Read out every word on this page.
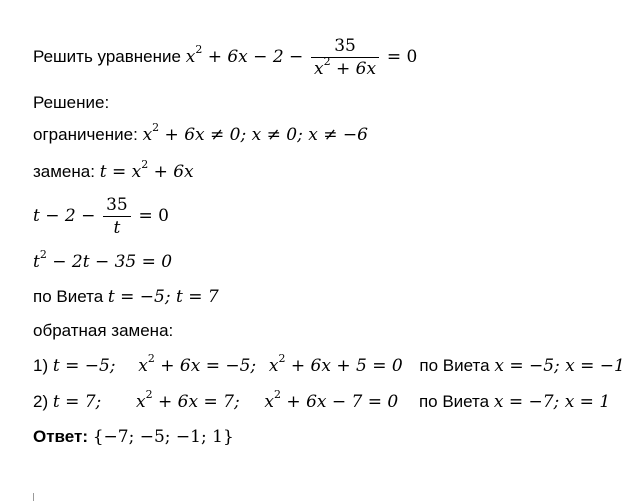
Решить уравнение $x^2 + 6x - 2 - \frac{35}{x^2 + 6x} = 0$
Решение:
ограничение: $x^2 + 6x \ne 0$; x ≠ 0; x ≠ −6
замена: $t = x^2 + 6x$
$t - 2 - \frac{35}{t} = 0$
$t^2 - 2t - 35 = 0$
по Виета t = −5; t = 7
обратная замена:
1) t = −5; $x^2 + 6x = -5$; $x^2 + 6x + 5 = 0$ по Виета x = −5; x = −1
2) t = 7; $x^2 + 6x = 7$; $x^2 + 6x - 7 = 0$ по Виета x = −7; x = 1
Ответ: {−7; −5; −1; 1}
